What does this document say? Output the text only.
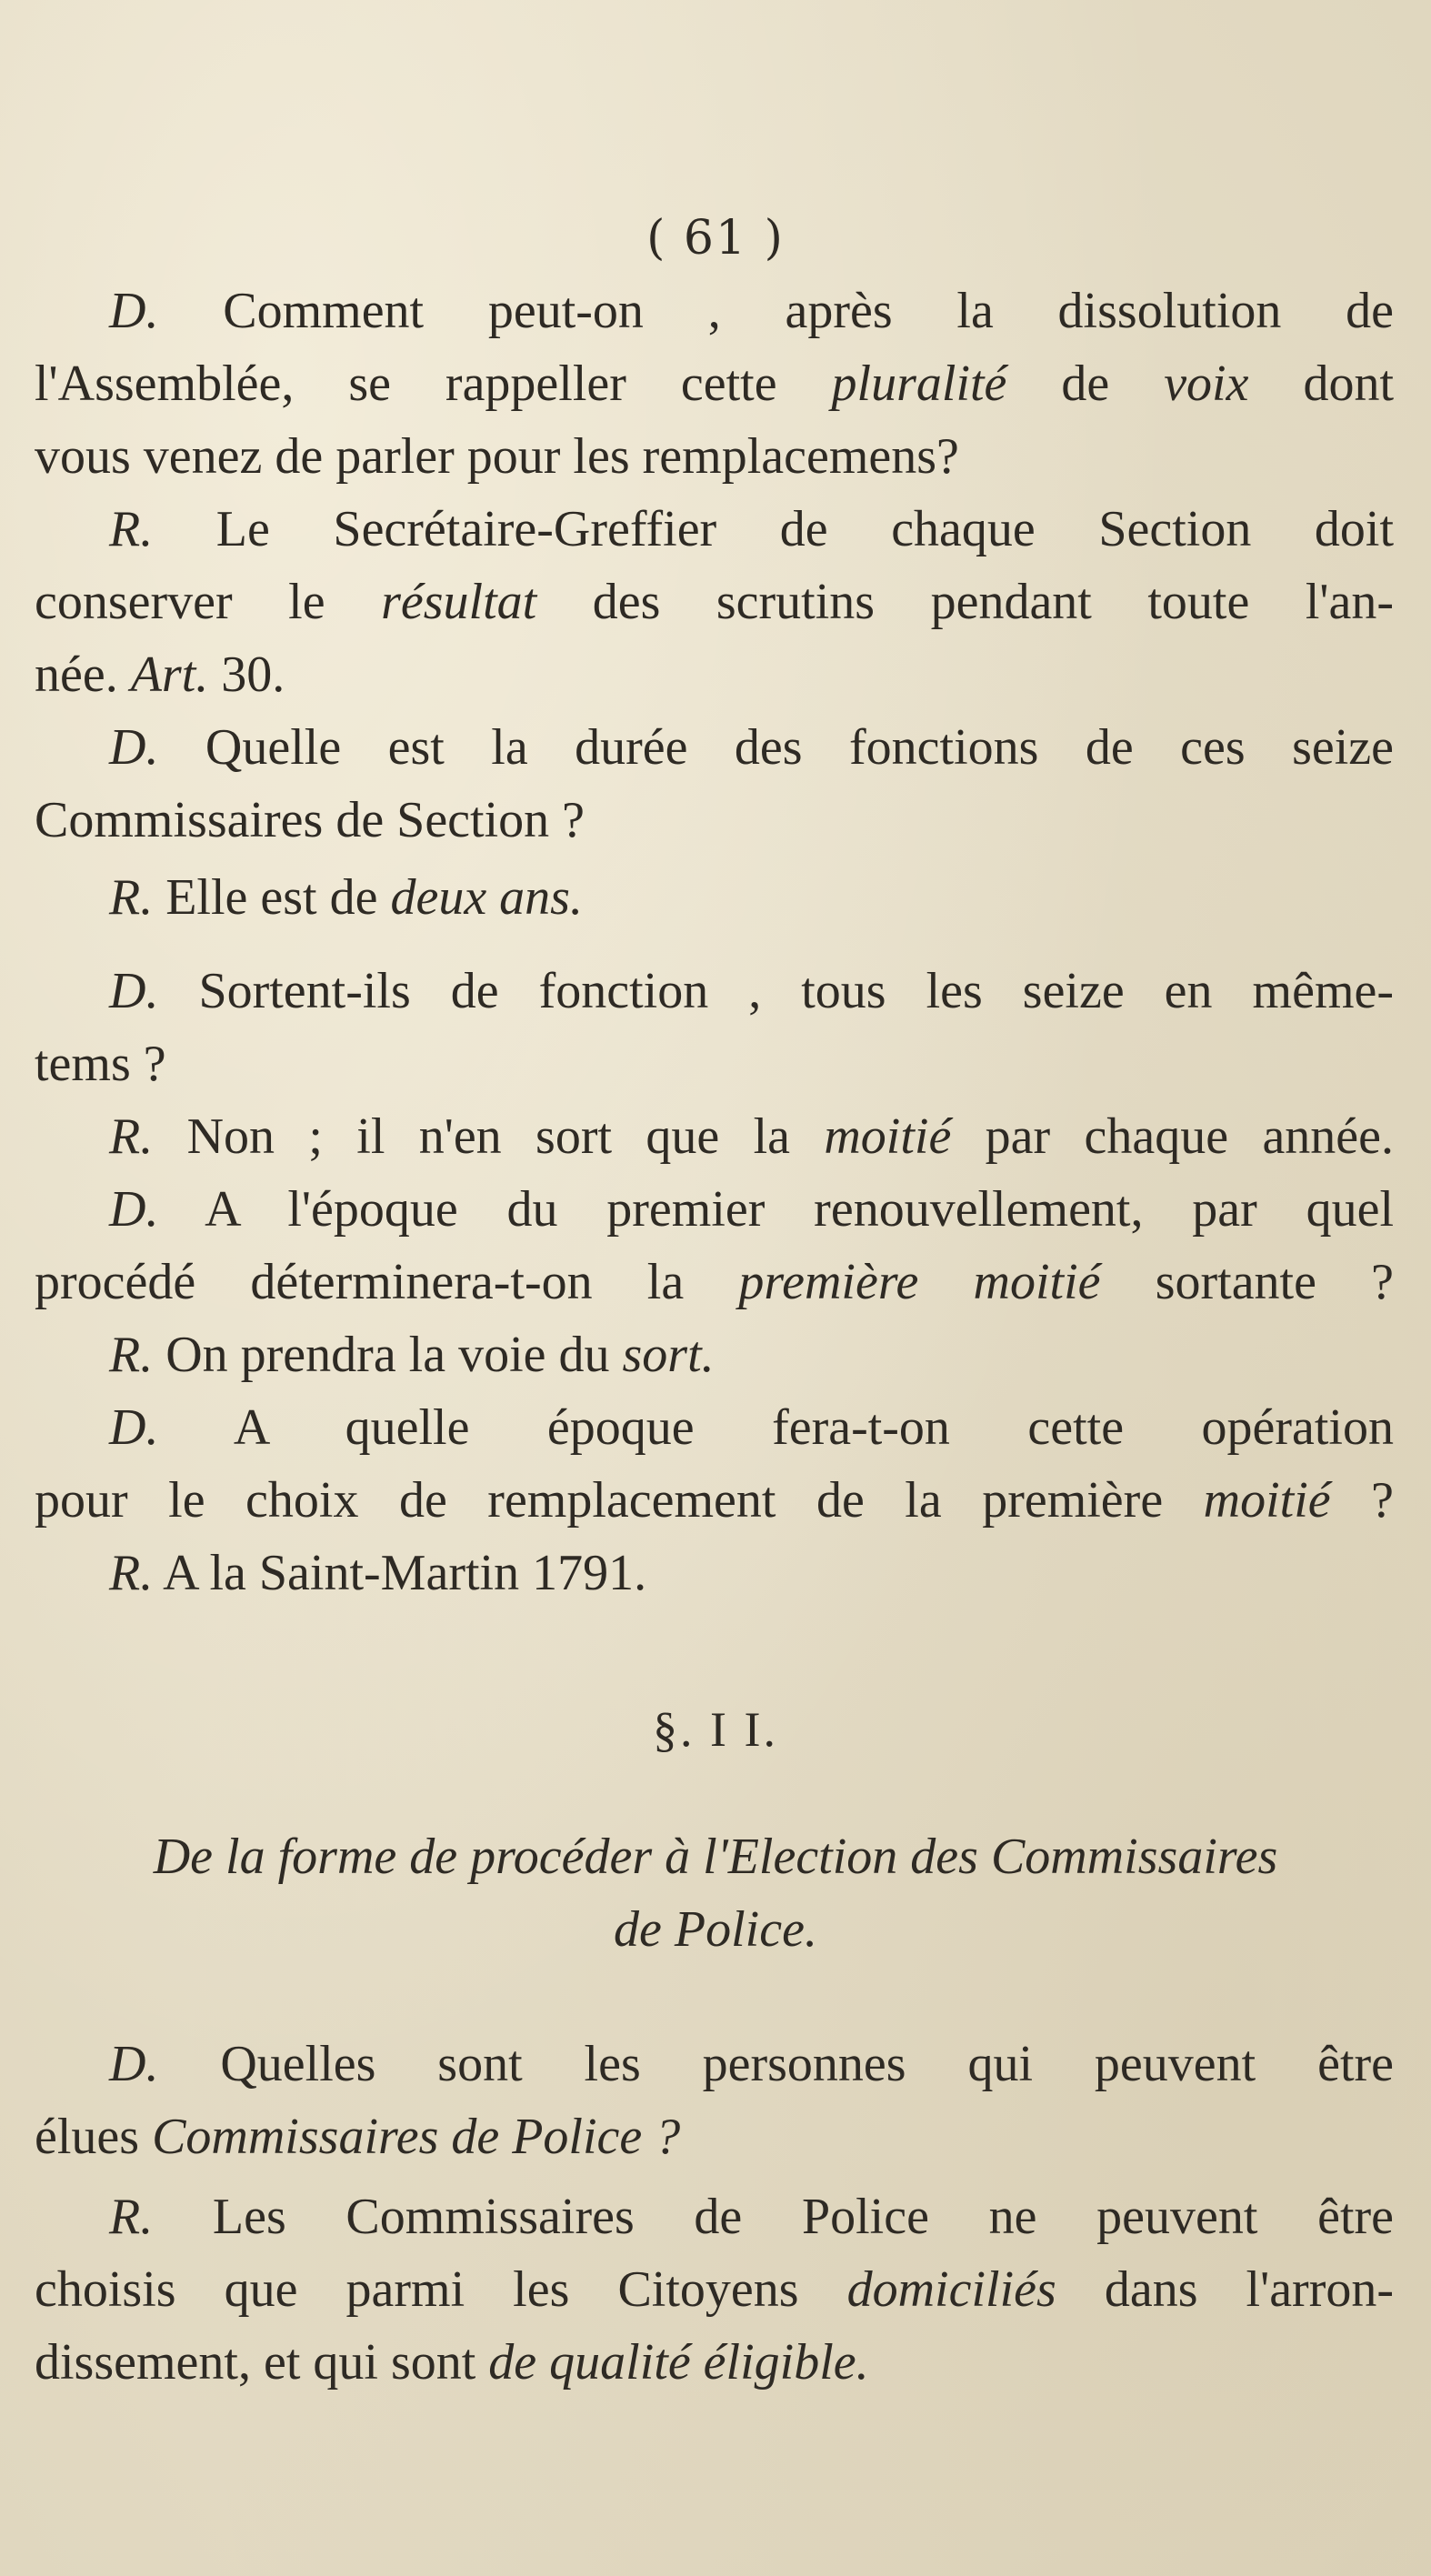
( 61 )
D. Comment peut-on , après la dissolution de
l'Assemblée, se rappeller cette pluralité de voix dont
vous venez de parler pour les remplacemens?
R. Le Secrétaire-Greffier de chaque Section doit
conserver le résultat des scrutins pendant toute l'an-
née. Art. 30.
D. Quelle est la durée des fonctions de ces seize
Commissaires de Section ?
R. Elle est de deux ans.
D. Sortent-ils de fonction , tous les seize en même-
tems ?
R. Non ; il n'en sort que la moitié par chaque année.
D. A l'époque du premier renouvellement, par quel
procédé déterminera-t-on la première moitié sortante ?
R. On prendra la voie du sort.
D. A quelle époque fera-t-on cette opération
pour le choix de remplacement de la première moitié ?
R. A la Saint-Martin 1791.
§. I I.
De la forme de procéder à l'Election des Commissaires
de Police.
D. Quelles sont les personnes qui peuvent être
élues Commissaires de Police ?
R. Les Commissaires de Police ne peuvent être
choisis que parmi les Citoyens domiciliés dans l'arron-
dissement, et qui sont de qualité éligible.
